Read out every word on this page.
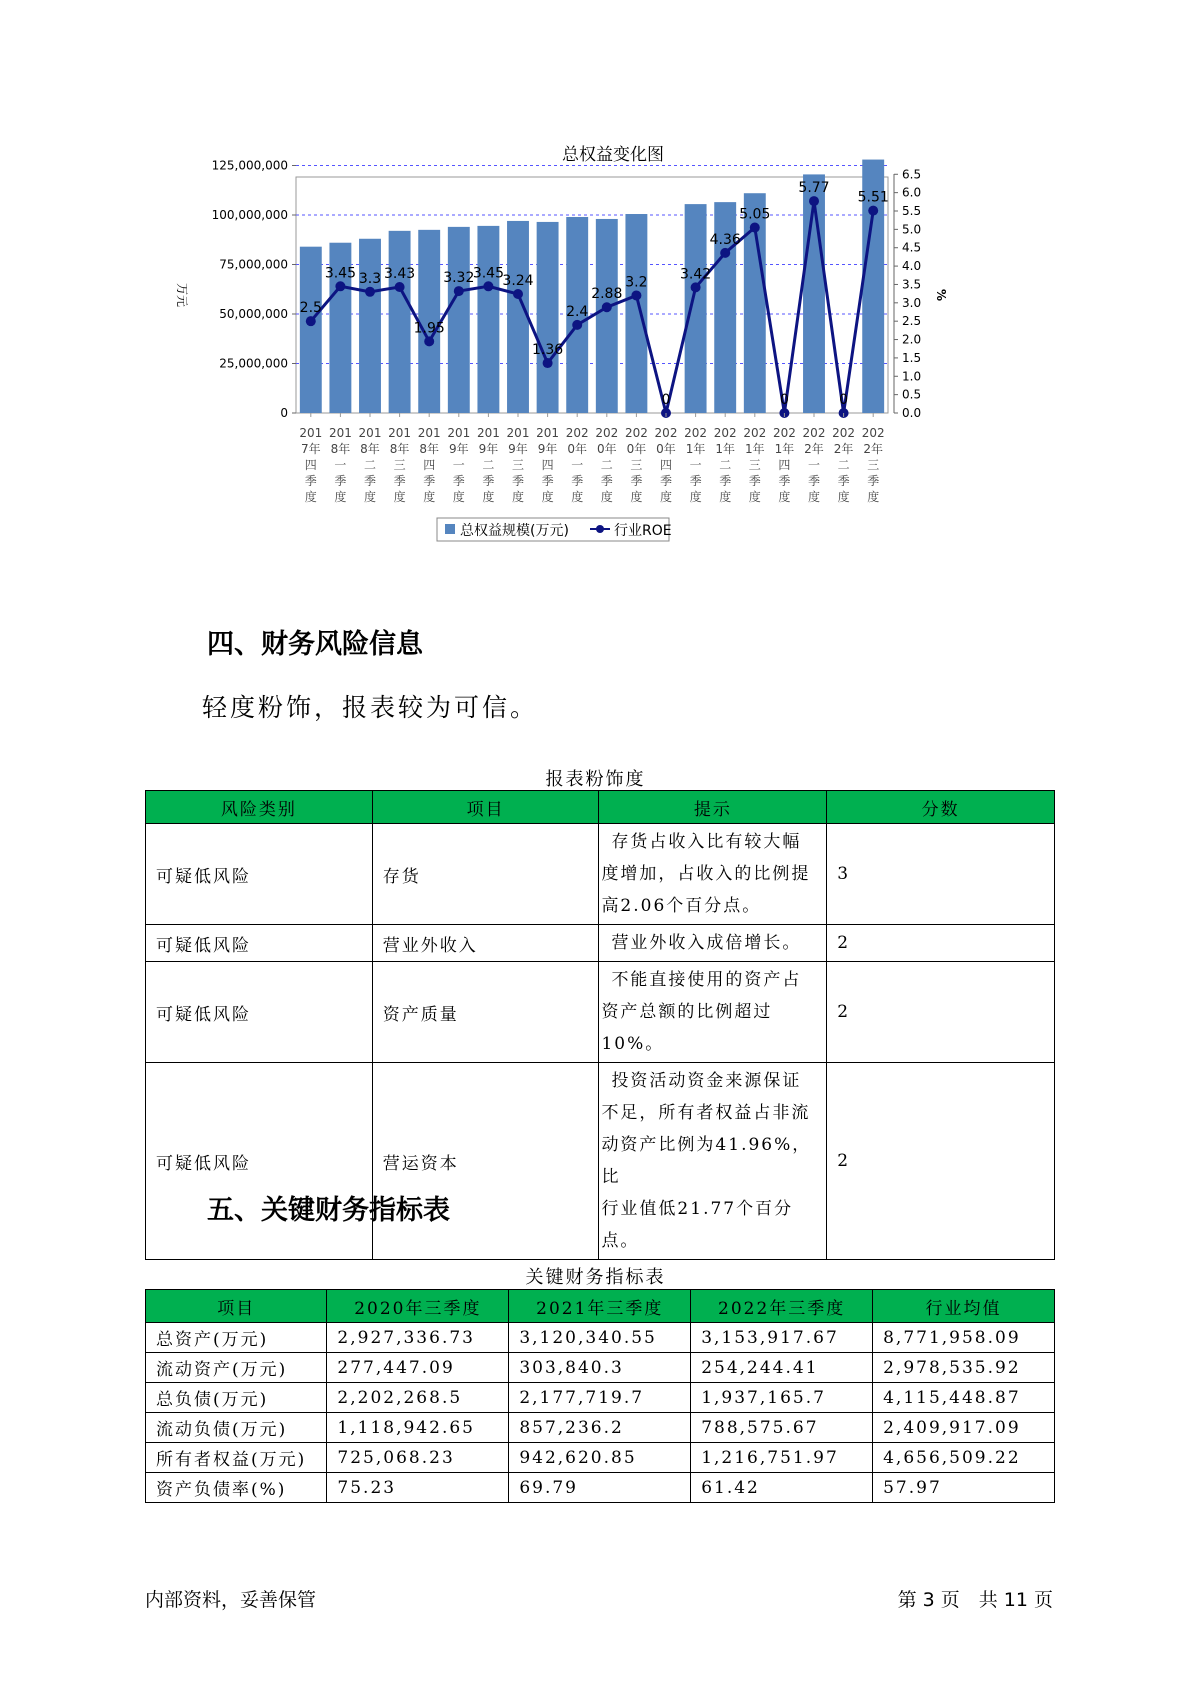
总权益变化图
0
25,000,000
50,000,000
75,000,000
100,000,000
125,000,000
0.0
0.5
1.0
1.5
2.0
2.5
3.0
3.5
4.0
4.5
5.0
5.5
6.0
6.5
2.5
3.45 3.3 3.43
1.95
3.32
3.45
3.24
1.36
2.4
2.88
3.2
0
3.42
4.36
5.05
0
5.77
0
5.51
201
7年
四
季
度
201
8年
一
季
度
201
8年
二
季
度
201
8年
三
季
度
201
8年
四
季
度
201
9年
一
季
度
201
9年
二
季
度
201
9年
三
季
度
201
9年
四
季
度
202
0年
一
季
度
202
0年
二
季
度
202
0年
三
季
度
202
0年
四
季
度
202
1年
一
季
度
202
1年
二
季
度
202
1年
三
季
度
202
1年
四
季
度
202
2年
一
季
度
202
2年
二
季
度
202
2年
三
季
度
万元	%
总权益规模(万元)	行业ROE
四、财务风险信息
轻度粉饰，报表较为可信。
报表粉饰度
风险类别	项目	提示	分数
可疑低风险	存货	存货占收入比有较大幅
度增加，占收入的比例提
高2.06个百分点。	3
可疑低风险	营业外收入	营业外收入成倍增长。	2
可疑低风险	资产质量	不能直接使用的资产占
资产总额的比例超过10%。	2
可疑低风险	营运资本	投资活动资金来源保证
不足，所有者权益占非流
动资产比例为41.96%，比
行业值低21.77个百分点。	2
五、关键财务指标表
关键财务指标表
项目	2020年三季度	2021年三季度	2022年三季度	行业均值
总资产(万元)	2,927,336.73	3,120,340.55	3,153,917.67	8,771,958.09
流动资产(万元)	277,447.09	303,840.3	254,244.41	2,978,535.92
总负债(万元)	2,202,268.5	2,177,719.7	1,937,165.7	4,115,448.87
流动负债(万元)	1,118,942.65	857,236.2	788,575.67	2,409,917.09
所有者权益(万元)	725,068.23	942,620.85	1,216,751.97	4,656,509.22
资产负债率(%)	75.23	69.79	61.42	57.97
内部资料，妥善保管	第 3 页　共 11 页
